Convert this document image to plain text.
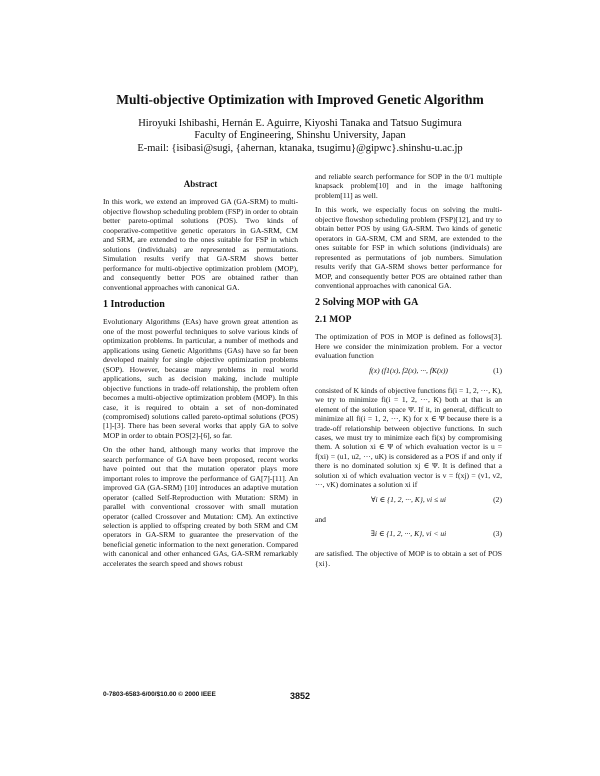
Multi-objective Optimization with Improved Genetic Algorithm
Hiroyuki Ishibashi, Hernán E. Aguirre, Kiyoshi Tanaka and Tatsuo Sugimura
Faculty of Engineering, Shinshu University, Japan
E-mail: {isibasi@sugi, {ahernan, ktanaka, tsugimu}@gipwc}.shinshu-u.ac.jp
Abstract

In this work, we extend an improved GA (GA-SRM) to multi-objective flowshop scheduling problem (FSP) in order to obtain better pareto-optimal solutions (POS). Two kinds of cooperative-competitive genetic operators in GA-SRM, CM and SRM, are extended to the ones suitable for FSP in which solutions (individuals) are represented as permutations. Simulation results verify that GA-SRM shows better performance for multi-objective optimization problem (MOP), and consequently better POS are obtained rather than conventional approaches with canonical GA.

1 Introduction

Evolutionary Algorithms (EAs) have grown great attention as one of the most powerful techniques to solve various kinds of optimization problems. In particular, a number of methods and applications using Genetic Algorithms (GAs) have so far been developed mainly for single objective optimization problems (SOP). However, because many problems in real world applications, such as decision making, include multiple objective functions in trade-off relationship, the problem often becomes a multi-objective optimization problem (MOP). In this case, it is required to obtain a set of non-dominated (compromised) solutions called pareto-optimal solutions (POS)[1]-[3]. There has been several works that apply GA to solve MOP in order to obtain POS[2]-[6], so far.

On the other hand, although many works that improve the search performance of GA have been proposed, recent works have pointed out that the mutation operator plays more important roles to improve the performance of GA[7]-[11]. An improved GA (GA-SRM) [10] introduces an adaptive mutation operator (called Self-Reproduction with Mutation: SRM) in parallel with conventional crossover with small mutation operator (called Crossover and Mutation: CM). An extinctive selection is applied to offspring created by both SRM and CM operators in GA-SRM to guarantee the preservation of the beneficial genetic information to the next generation. Compared with canonical and other enhanced GAs, GA-SRM remarkably accelerates the search speed and shows robust

and reliable search performance for SOP in the 0/1 multiple knapsack problem[10] and in the image halftoning problem[11] as well.

In this work, we especially focus on solving the multi-objective flowshop scheduling problem (FSP)[12], and try to obtain better POS by using GA-SRM. Two kinds of genetic operators in GA-SRM, CM and SRM, are extended to the ones suitable for FSP in which solutions (individuals) are represented as permutations of job numbers. Simulation results verify that GA-SRM shows better performance for MOP, and consequently better POS are obtained rather than conventional approaches with canonical GA.

2 Solving MOP with GA
2.1 MOP

The optimization of POS in MOP is defined as follows[3]. Here we consider the minimization problem. For a vector evaluation function

f(x) (f1(x), f2(x), ···, fK(x))	(1)

consisted of K kinds of objective functions fi(i = 1, 2, ···, K), we try to minimize fi(i = 1, 2, ···, K) both at that is an element of the solution space Ψ. If it, in general, difficult to minimize all fi(i = 1, 2, ···, K) for x ∈ Ψ because there is a trade-off relationship between objective functions. In such cases, we must try to minimize each fi(x) by compromising them. A solution xi ∈ Ψ of which evaluation vector is u = f(xi) = (u1, u2, ···, uK) is considered as a POS if and only if there is no dominated solution xj ∈ Ψ. It is defined that a solution xi of which evaluation vector is v = f(xj) = (v1, v2, ···, vK) dominates a solution xi if

∀i ∈ {1, 2, ···, K}, vi ≤ ui	(2)

and

∃i ∈ {1, 2, ···, K}, vi < ui	(3)

are satisfied. The objective of MOP is to obtain a set of POS {xi}.

0-7803-6583-6/00/$10.00 © 2000 IEEE	3852
